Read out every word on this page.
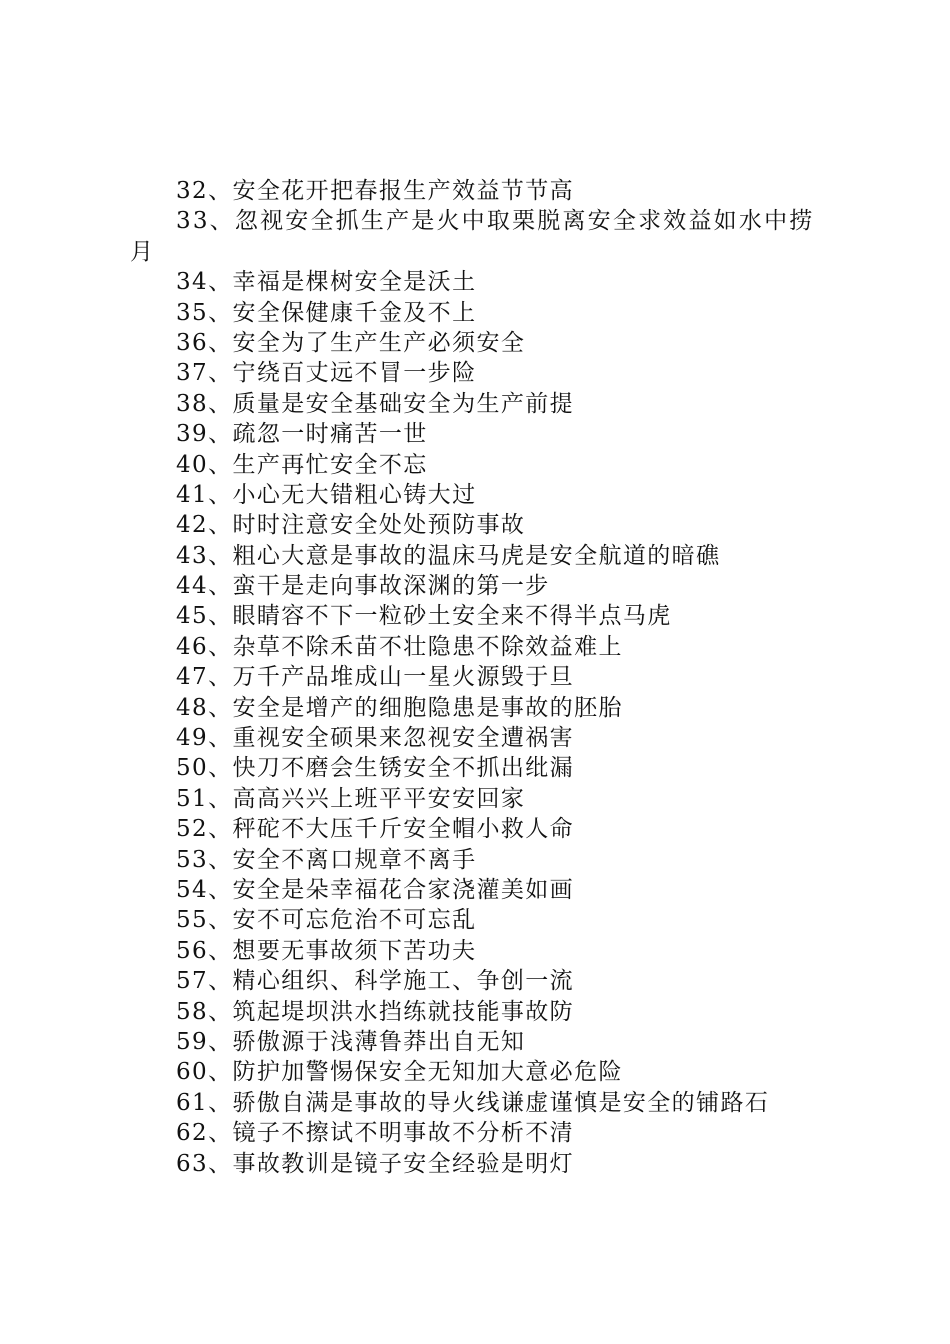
32、安全花开把春报生产效益节节高
33、忽视安全抓生产是火中取栗脱离安全求效益如水中捞
月
34、幸福是棵树安全是沃土
35、安全保健康千金及不上
36、安全为了生产生产必须安全
37、宁绕百丈远不冒一步险
38、质量是安全基础安全为生产前提
39、疏忽一时痛苦一世
40、生产再忙安全不忘
41、小心无大错粗心铸大过
42、时时注意安全处处预防事故
43、粗心大意是事故的温床马虎是安全航道的暗礁
44、蛮干是走向事故深渊的第一步
45、眼睛容不下一粒砂土安全来不得半点马虎
46、杂草不除禾苗不壮隐患不除效益难上
47、万千产品堆成山一星火源毁于旦
48、安全是增产的细胞隐患是事故的胚胎
49、重视安全硕果来忽视安全遭祸害
50、快刀不磨会生锈安全不抓出纰漏
51、高高兴兴上班平平安安回家
52、秤砣不大压千斤安全帽小救人命
53、安全不离口规章不离手
54、安全是朵幸福花合家浇灌美如画
55、安不可忘危治不可忘乱
56、想要无事故须下苦功夫
57、精心组织、科学施工、争创一流
58、筑起堤坝洪水挡练就技能事故防
59、骄傲源于浅薄鲁莽出自无知
60、防护加警惕保安全无知加大意必危险
61、骄傲自满是事故的导火线谦虚谨慎是安全的铺路石
62、镜子不擦试不明事故不分析不清
63、事故教训是镜子安全经验是明灯
